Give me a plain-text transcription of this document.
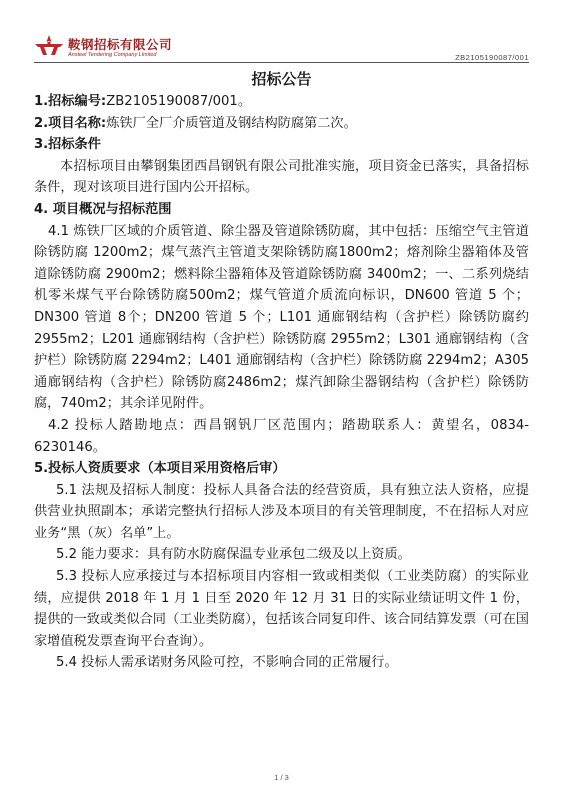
鞍钢招标有限公司
Ansteel Tendering Company Limited	ZB2105190087/001
招标公告

1.招标编号:ZB2105190087/001。

2.项目名称:炼铁厂全厂介质管道及钢结构防腐第二次。

3.招标条件

本招标项目由攀钢集团西昌钢钒有限公司批准实施，项目资金已落实，具备招标条件，现对该项目进行国内公开招标。

4. 项目概况与招标范围

4.1 炼铁厂区域的介质管道、除尘器及管道除锈防腐，其中包括：压缩空气主管道除锈防腐 1200m2；煤气蒸汽主管道支架除锈防腐1800m2；熔剂除尘器箱体及管道除锈防腐 2900m2；燃料除尘器箱体及管道除锈防腐 3400m2；一、二系列烧结机零米煤气平台除锈防腐500m2；煤气管道介质流向标识，DN600 管道 5 个；DN300 管道 8个；DN200 管道 5 个；L101 通廊钢结构（含护栏）除锈防腐约2955m2；L201 通廊钢结构（含护栏）除锈防腐 2955m2；L301 通廊钢结构（含护栏）除锈防腐 2294m2；L401 通廊钢结构（含护栏）除锈防腐 2294m2；A305 通廊钢结构（含护栏）除锈防腐2486m2；煤汽卸除尘器钢结构（含护栏）除锈防腐，740m2；其余详见附件。

4.2 投标人踏勘地点：西昌钢钒厂区范围内；踏勘联系人：黄望名，0834-6230146。

5.投标人资质要求（本项目采用资格后审）

5.1 法规及招标人制度：投标人具备合法的经营资质，具有独立法人资格，应提供营业执照副本；承诺完整执行招标人涉及本项目的有关管理制度，不在招标人对应业务“黑（灰）名单”上。

5.2 能力要求：具有防水防腐保温专业承包二级及以上资质。

5.3 投标人应承接过与本招标项目内容相一致或相类似（工业类防腐）的实际业绩，应提供 2018 年 1 月 1 日至 2020 年 12 月 31 日的实际业绩证明文件 1 份，提供的一致或类似合同（工业类防腐），包括该合同复印件、该合同结算发票（可在国家增值税发票查询平台查询）。

5.4 投标人需承诺财务风险可控，不影响合同的正常履行。

1 / 3
